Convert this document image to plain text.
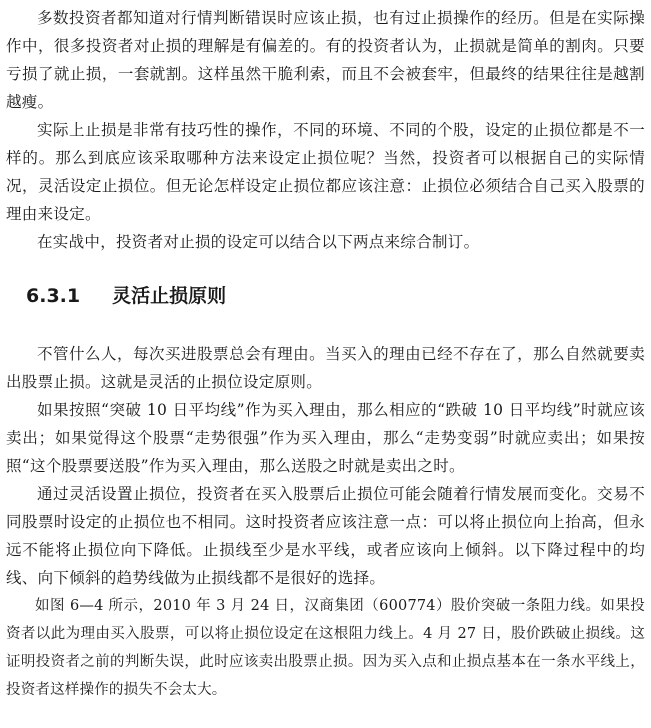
多数投资者都知道对行情判断错误时应该止损，也有过止损操作的经历。但是在实际操作中，很多投资者对止损的理解是有偏差的。有的投资者认为，止损就是简单的割肉。只要亏损了就止损，一套就割。这样虽然干脆利索，而且不会被套牢，但最终的结果往往是越割越瘦。

实际上止损是非常有技巧性的操作，不同的环境、不同的个股，设定的止损位都是不一样的。那么到底应该采取哪种方法来设定止损位呢？当然，投资者可以根据自己的实际情况，灵活设定止损位。但无论怎样设定止损位都应该注意：止损位必须结合自己买入股票的理由来设定。

在实战中，投资者对止损的设定可以结合以下两点来综合制订。

6.3.1 灵活止损原则

不管什么人，每次买进股票总会有理由。当买入的理由已经不存在了，那么自然就要卖出股票止损。这就是灵活的止损位设定原则。

如果按照“突破 10 日平均线”作为买入理由，那么相应的“跌破 10 日平均线”时就应该卖出；如果觉得这个股票“走势很强”作为买入理由，那么“走势变弱”时就应卖出；如果按照“这个股票要送股”作为买入理由，那么送股之时就是卖出之时。

通过灵活设置止损位，投资者在买入股票后止损位可能会随着行情发展而变化。交易不同股票时设定的止损位也不相同。这时投资者应该注意一点：可以将止损位向上抬高，但永远不能将止损位向下降低。止损线至少是水平线，或者应该向上倾斜。以下降过程中的均线、向下倾斜的趋势线做为止损线都不是很好的选择。

如图 6—4 所示，2010 年 3 月 24 日，汉商集团（600774）股价突破一条阻力线。如果投资者以此为理由买入股票，可以将止损位设定在这根阻力线上。4 月 27 日，股价跌破止损线。这证明投资者之前的判断失误，此时应该卖出股票止损。因为买入点和止损点基本在一条水平线上，投资者这样操作的损失不会太大。
